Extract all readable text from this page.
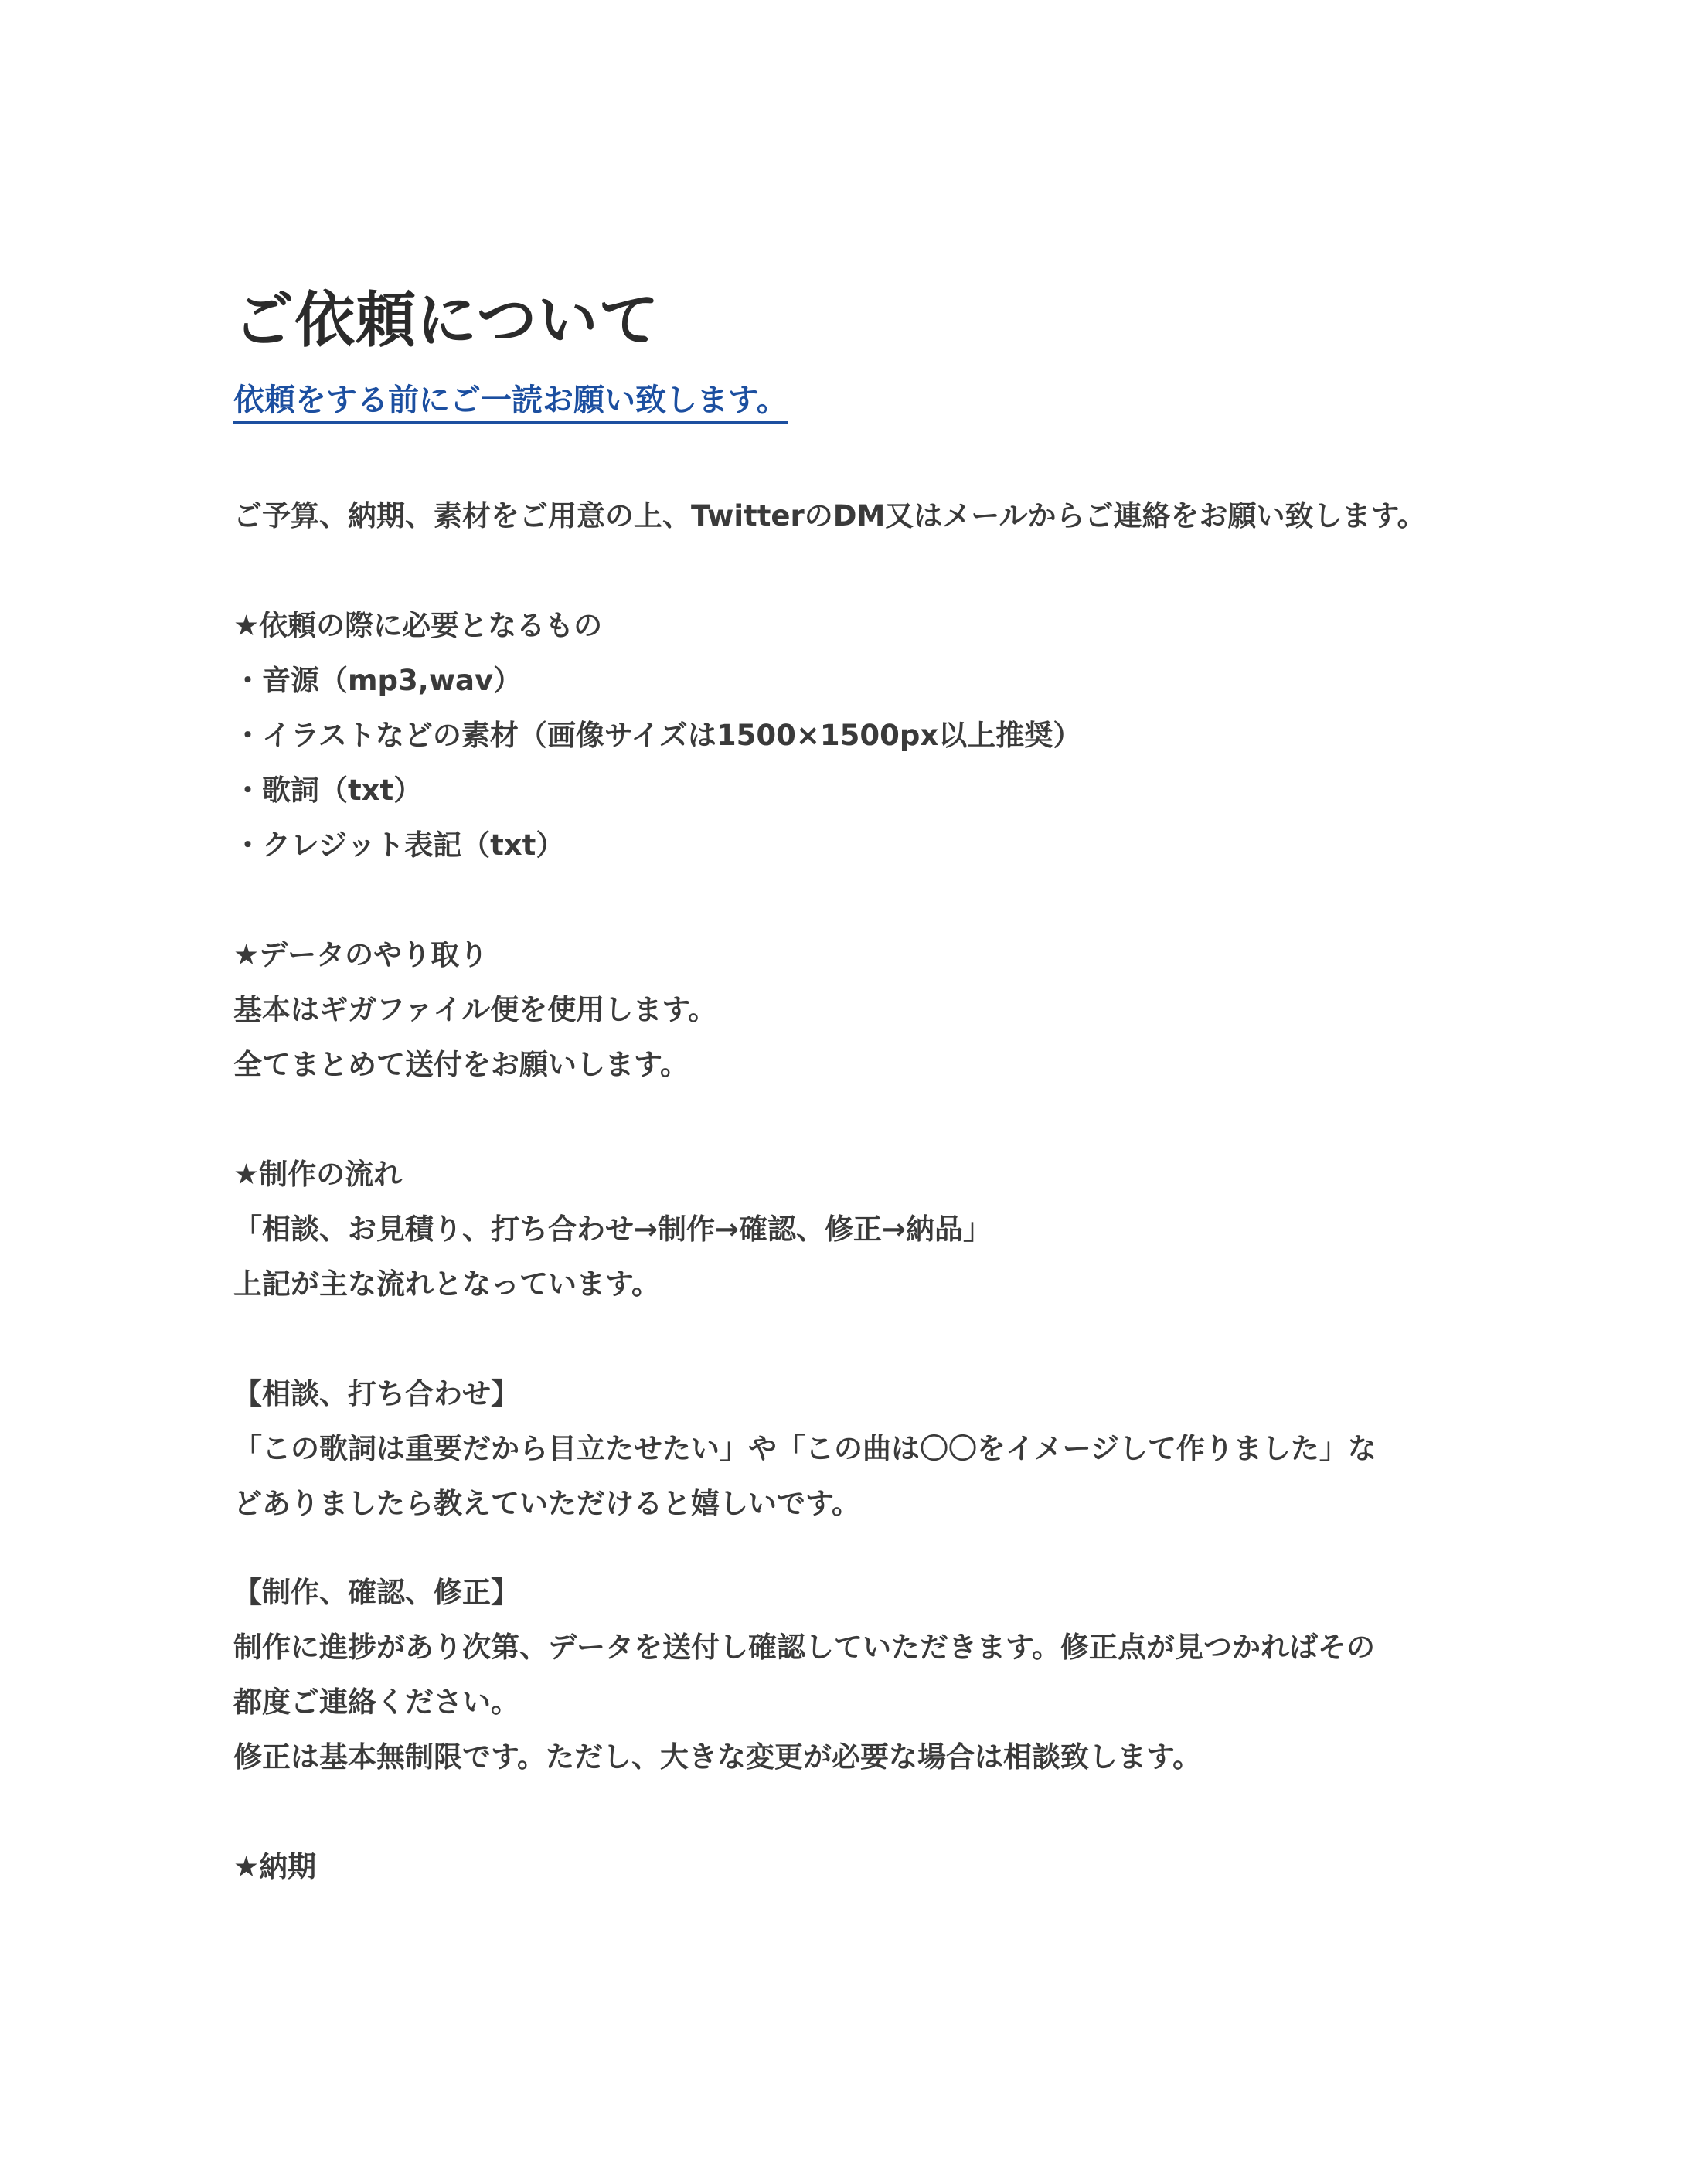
ご依頼について
依頼をする前にご一読お願い致します。
ご予算、納期、素材をご用意の上、TwitterのDM又はメールからご連絡をお願い致します。
★依頼の際に必要となるもの
・音源（mp3,wav）
・イラストなどの素材（画像サイズは1500×1500px以上推奨）
・歌詞（txt）
・クレジット表記（txt）
★データのやり取り
基本はギガファイル便を使用します。
全てまとめて送付をお願いします。
★制作の流れ
「相談、お見積り、打ち合わせ→制作→確認、修正→納品」
上記が主な流れとなっています。
【相談、打ち合わせ】
「この歌詞は重要だから目立たせたい」や「この曲は〇〇をイメージして作りました」な
どありましたら教えていただけると嬉しいです。
【制作、確認、修正】
制作に進捗があり次第、データを送付し確認していただきます。修正点が見つかればその
都度ご連絡ください。
修正は基本無制限です。ただし、大きな変更が必要な場合は相談致します。
★納期
